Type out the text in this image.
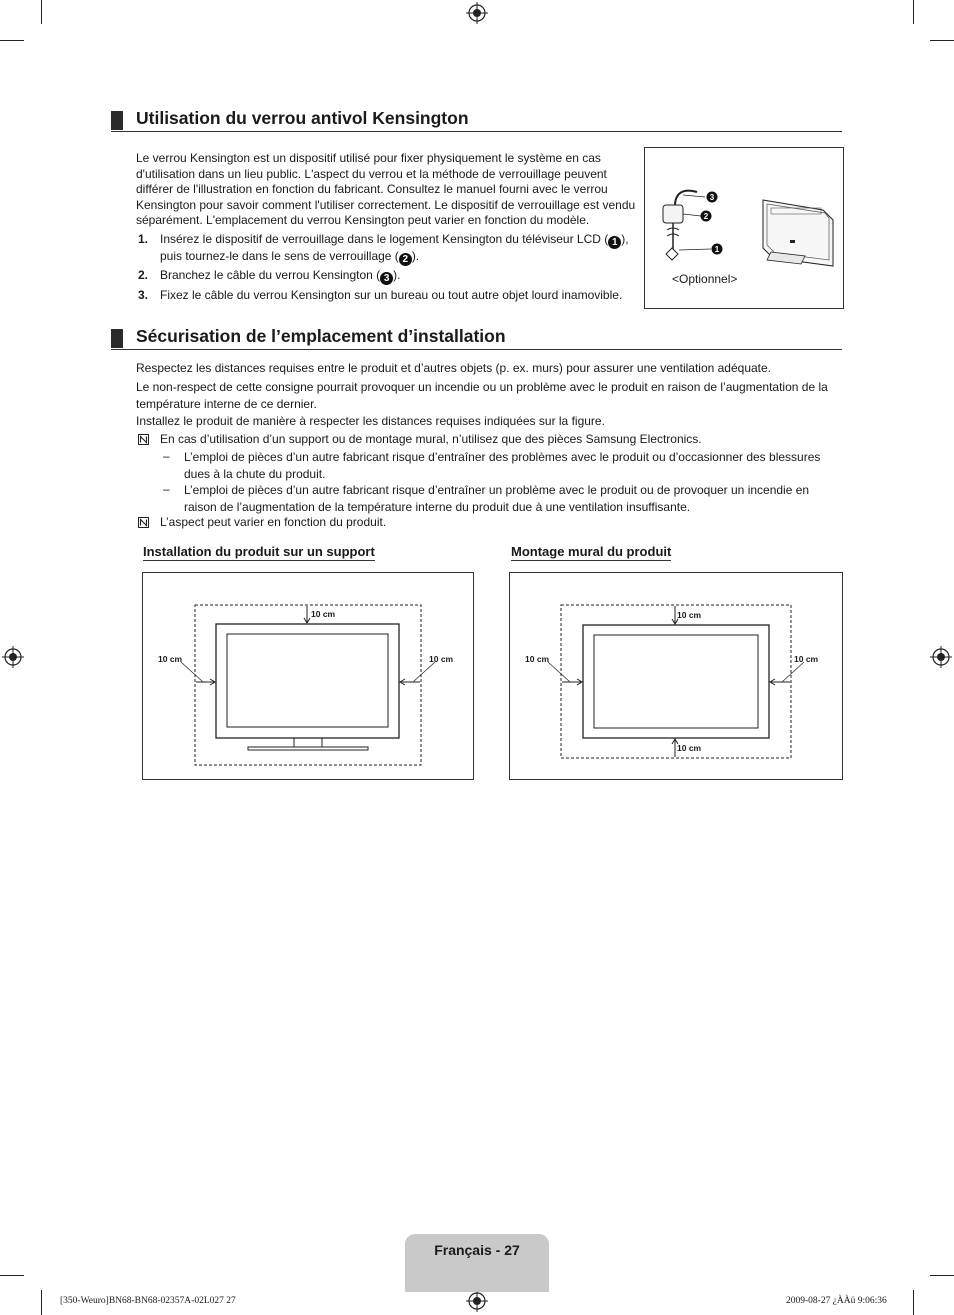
Utilisation du verrou antivol Kensington
Le verrou Kensington est un dispositif utilisé pour fixer physiquement le système en cas d'utilisation dans un lieu public. L'aspect du verrou et la méthode de verrouillage peuvent différer de l'illustration en fonction du fabricant. Consultez le manuel fourni avec le verrou Kensington pour savoir comment l'utiliser correctement. Le dispositif de verrouillage est vendu séparément. L'emplacement du verrou Kensington peut varier en fonction du modèle.
1. Insérez le dispositif de verrouillage dans le logement Kensington du téléviseur LCD ( 1 ), puis tournez-le dans le sens de verrouillage ( 2 ).
2. Branchez le câble du verrou Kensington ( 3 ).
3. Fixez le câble du verrou Kensington sur un bureau ou tout autre objet lourd inamovible.
3
2
1
<Optionnel>
Sécurisation de l’emplacement d’installation
Respectez les distances requises entre le produit et d’autres objets (p. ex. murs) pour assurer une ventilation adéquate.
Le non-respect de cette consigne pourrait provoquer un incendie ou un problème avec le produit en raison de l’augmentation de la température interne de ce dernier.
Installez le produit de manière à respecter les distances requises indiquées sur la figure.
En cas d’utilisation d’un support ou de montage mural, n’utilisez que des pièces Samsung Electronics.
– L’emploi de pièces d’un autre fabricant risque d’entraîner des problèmes avec le produit ou d’occasionner des blessures dues à la chute du produit.
– L’emploi de pièces d’un autre fabricant risque d’entraîner un problème avec le produit ou de provoquer un incendie en raison de l’augmentation de la température interne du produit due à une ventilation insuffisante.
L’aspect peut varier en fonction du produit.
Installation du produit sur un support
10 cm
10 cm	10 cm
Montage mural du produit
10 cm
10 cm	10 cm
10 cm
Français - 27
[350-Weuro]BN68-BN68-02357A-02L027 27	2009-08-27 ¿ÀÀü 9:06:36
